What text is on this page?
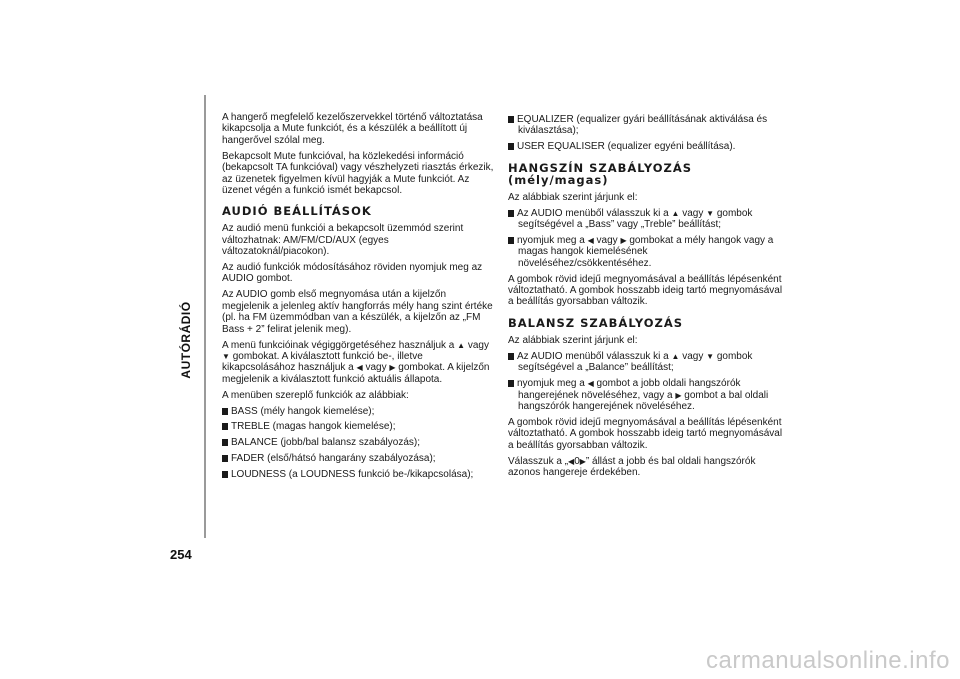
AUTÓRÁDIÓ
254

A hangerő megfelelő kezelőszervekkel történő változtatása kikapcsolja a Mute funkciót, és a készülék a beállított új hangerővel szólal meg.

Bekapcsolt Mute funkcióval, ha közlekedési információ (bekapcsolt TA funkcióval) vagy vészhelyzeti riasztás érkezik, az üzenetek figyelmen kívül hagyják a Mute funkciót. Az üzenet végén a funkció ismét bekapcsol.

AUDIÓ BEÁLLÍTÁSOK

Az audió menü funkciói a bekapcsolt üzemmód szerint változhatnak: AM/FM/CD/AUX (egyes változatoknál/piacokon).

Az audió funkciók módosításához röviden nyomjuk meg az AUDIO gombot.

Az AUDIO gomb első megnyomása után a kijelzőn megjelenik a jelenleg aktív hangforrás mély hang szint értéke (pl. ha FM üzemmódban van a készülék, a kijelzőn az „FM Bass + 2” felirat jelenik meg).

A menü funkcióinak végiggörgetéséhez használjuk a ▲ vagy ▼ gombokat. A kiválasztott funkció be-, illetve kikapcsolásához használjuk a ◀ vagy ▶ gombokat. A kijelzőn megjelenik a kiválasztott funkció aktuális állapota.

A menüben szereplő funkciók az alábbiak:

BASS (mély hangok kiemelése);
TREBLE (magas hangok kiemelése);
BALANCE (jobb/bal balansz szabályozás);
FADER (első/hátsó hangarány szabályozása);
LOUDNESS (a LOUDNESS funkció be-/kikapcsolása);
EQUALIZER (equalizer gyári beállításának aktiválása és kiválasztása);
USER EQUALISER (equalizer egyéni beállítása).
HANGSZÍN SZABÁLYOZÁS (mély/magas)

Az alábbiak szerint járjunk el:

Az AUDIO menüből válasszuk ki a ▲ vagy ▼ gombok segítségével a „Bass” vagy „Treble” beállítást;
nyomjuk meg a ◀ vagy ▶ gombokat a mély hangok vagy a magas hangok kiemelésének növeléséhez/csökkentéséhez.

A gombok rövid idejű megnyomásával a beállítás lépésenként változtatható. A gombok hosszabb ideig tartó megnyomásával a beállítás gyorsabban változik.

BALANSZ SZABÁLYOZÁS

Az alábbiak szerint járjunk el:

Az AUDIO menüből válasszuk ki a ▲ vagy ▼ gombok segítségével a „Balance” beállítást;
nyomjuk meg a ◀ gombot a jobb oldali hangszórók hangerejének növeléséhez, vagy a ▶ gombot a bal oldali hangszórók hangerejének növeléséhez.

A gombok rövid idejű megnyomásával a beállítás lépésenként változtatható. A gombok hosszabb ideig tartó megnyomásával a beállítás gyorsabban változik.

Válasszuk a „◀0▶” állást a jobb és bal oldali hangszórók azonos hangereje érdekében.

carmanualsonline.info
